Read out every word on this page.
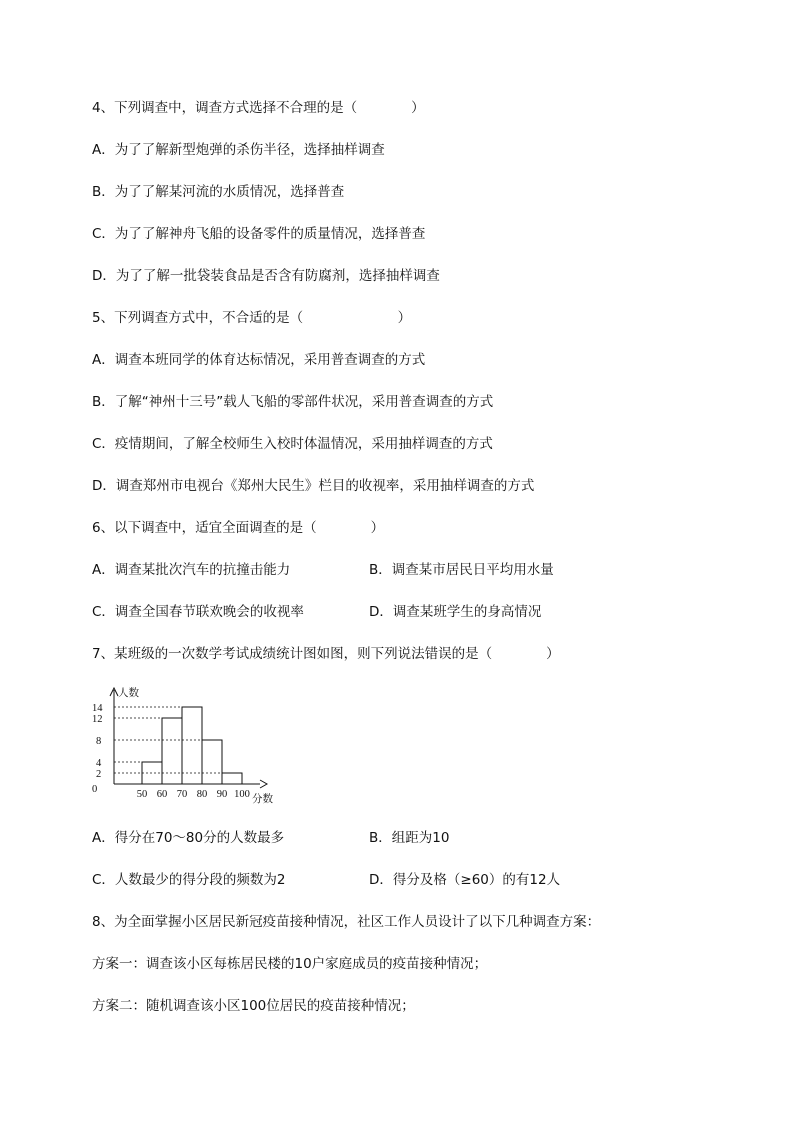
4、下列调查中，调查方式选择不合理的是（　　　　）
A．为了了解新型炮弹的杀伤半径，选择抽样调查
B．为了了解某河流的水质情况，选择普查
C．为了了解神舟飞船的设备零件的质量情况，选择普查
D．为了了解一批袋装食品是否含有防腐剂，选择抽样调查
5、下列调查方式中，不合适的是（　　　　　　　）
A．调查本班同学的体育达标情况，采用普查调查的方式
B．了解“神州十三号”载人飞船的零部件状况，采用普查调查的方式
C．疫情期间，了解全校师生入校时体温情况，采用抽样调查的方式
D．调查郑州市电视台《郑州大民生》栏目的收视率，采用抽样调查的方式
6、以下调查中，适宜全面调查的是（　　　　）
A．调查某批次汽车的抗撞击能力	B．调查某市居民日平均用水量
C．调查全国春节联欢晚会的收视率	D．调查某班学生的身高情况
7、某班级的一次数学考试成绩统计图如图，则下列说法错误的是（　　　　）
人数
分数
0
2
4
8
12
14
50 60 70 80 90 100
A．得分在70～80分的人数最多	B．组距为10
C．人数最少的得分段的频数为2	D．得分及格（≥60）的有12人
8、为全面掌握小区居民新冠疫苗接种情况，社区工作人员设计了以下几种调查方案：
方案一：调查该小区每栋居民楼的10户家庭成员的疫苗接种情况；
方案二：随机调查该小区100位居民的疫苗接种情况；
